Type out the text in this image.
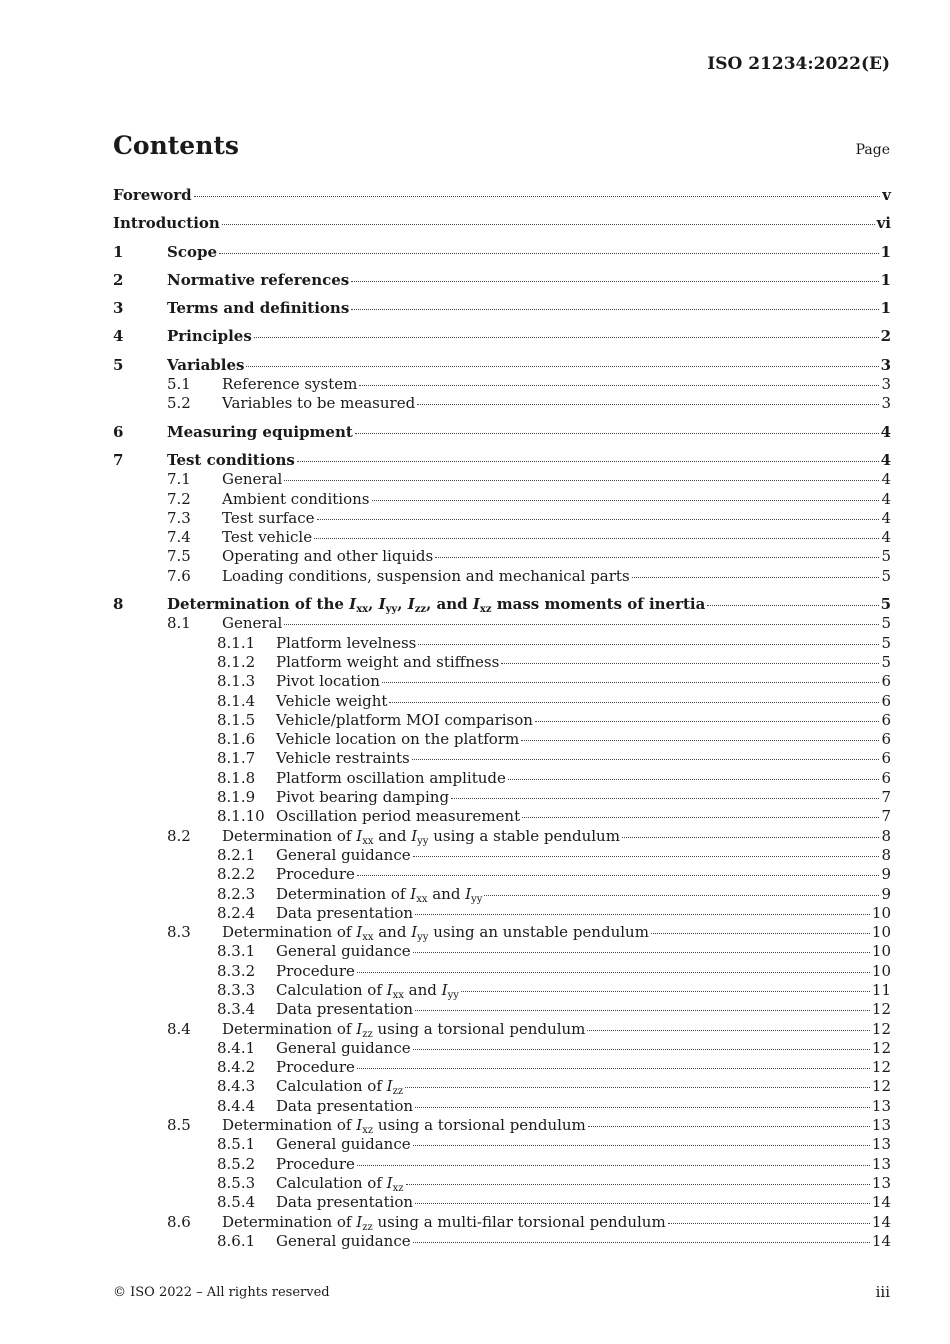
ISO 21234:2022(E)
Contents	Page
Foreword	v
Introduction	vi
1	Scope	1
2	Normative references	1
3	Terms and definitions	1
4	Principles	2
5	Variables	3
5.1	Reference system	3
5.2	Variables to be measured	3
6	Measuring equipment	4
7	Test conditions	4
7.1	General	4
7.2	Ambient conditions	4
7.3	Test surface	4
7.4	Test vehicle	4
7.5	Operating and other liquids	5
7.6	Loading conditions, suspension and mechanical parts	5
8	Determination of the $I_{xx}$, $I_{yy}$, $I_{zz}$, and $I_{xz}$ mass moments of inertia	5
8.1	General	5
8.1.1	Platform levelness	5
8.1.2	Platform weight and stiffness	5
8.1.3	Pivot location	6
8.1.4	Vehicle weight	6
8.1.5	Vehicle/platform MOI comparison	6
8.1.6	Vehicle location on the platform	6
8.1.7	Vehicle restraints	6
8.1.8	Platform oscillation amplitude	6
8.1.9	Pivot bearing damping	7
8.1.10 Oscillation period measurement	7
8.2	Determination of $I_{xx}$ and $I_{yy}$ using a stable pendulum	8
8.2.1	General guidance	8
8.2.2	Procedure	9
8.2.3	Determination of $I_{xx}$ and $I_{yy}$	9
8.2.4	Data presentation	10
8.3	Determination of $I_{xx}$ and $I_{yy}$ using an unstable pendulum	10
8.3.1	General guidance	10
8.3.2	Procedure	10
8.3.3	Calculation of $I_{xx}$ and $I_{yy}$	11
8.3.4	Data presentation	12
8.4	Determination of $I_{zz}$ using a torsional pendulum	12
8.4.1	General guidance	12
8.4.2	Procedure	12
8.4.3	Calculation of $I_{zz}$	12
8.4.4	Data presentation	13
8.5	Determination of $I_{xz}$ using a torsional pendulum	13
8.5.1	General guidance	13
8.5.2	Procedure	13
8.5.3	Calculation of $I_{xz}$	13
8.5.4	Data presentation	14
8.6	Determination of $I_{zz}$ using a multi-filar torsional pendulum	14
8.6.1	General guidance	14
© ISO 2022 – All rights reserved	iii
